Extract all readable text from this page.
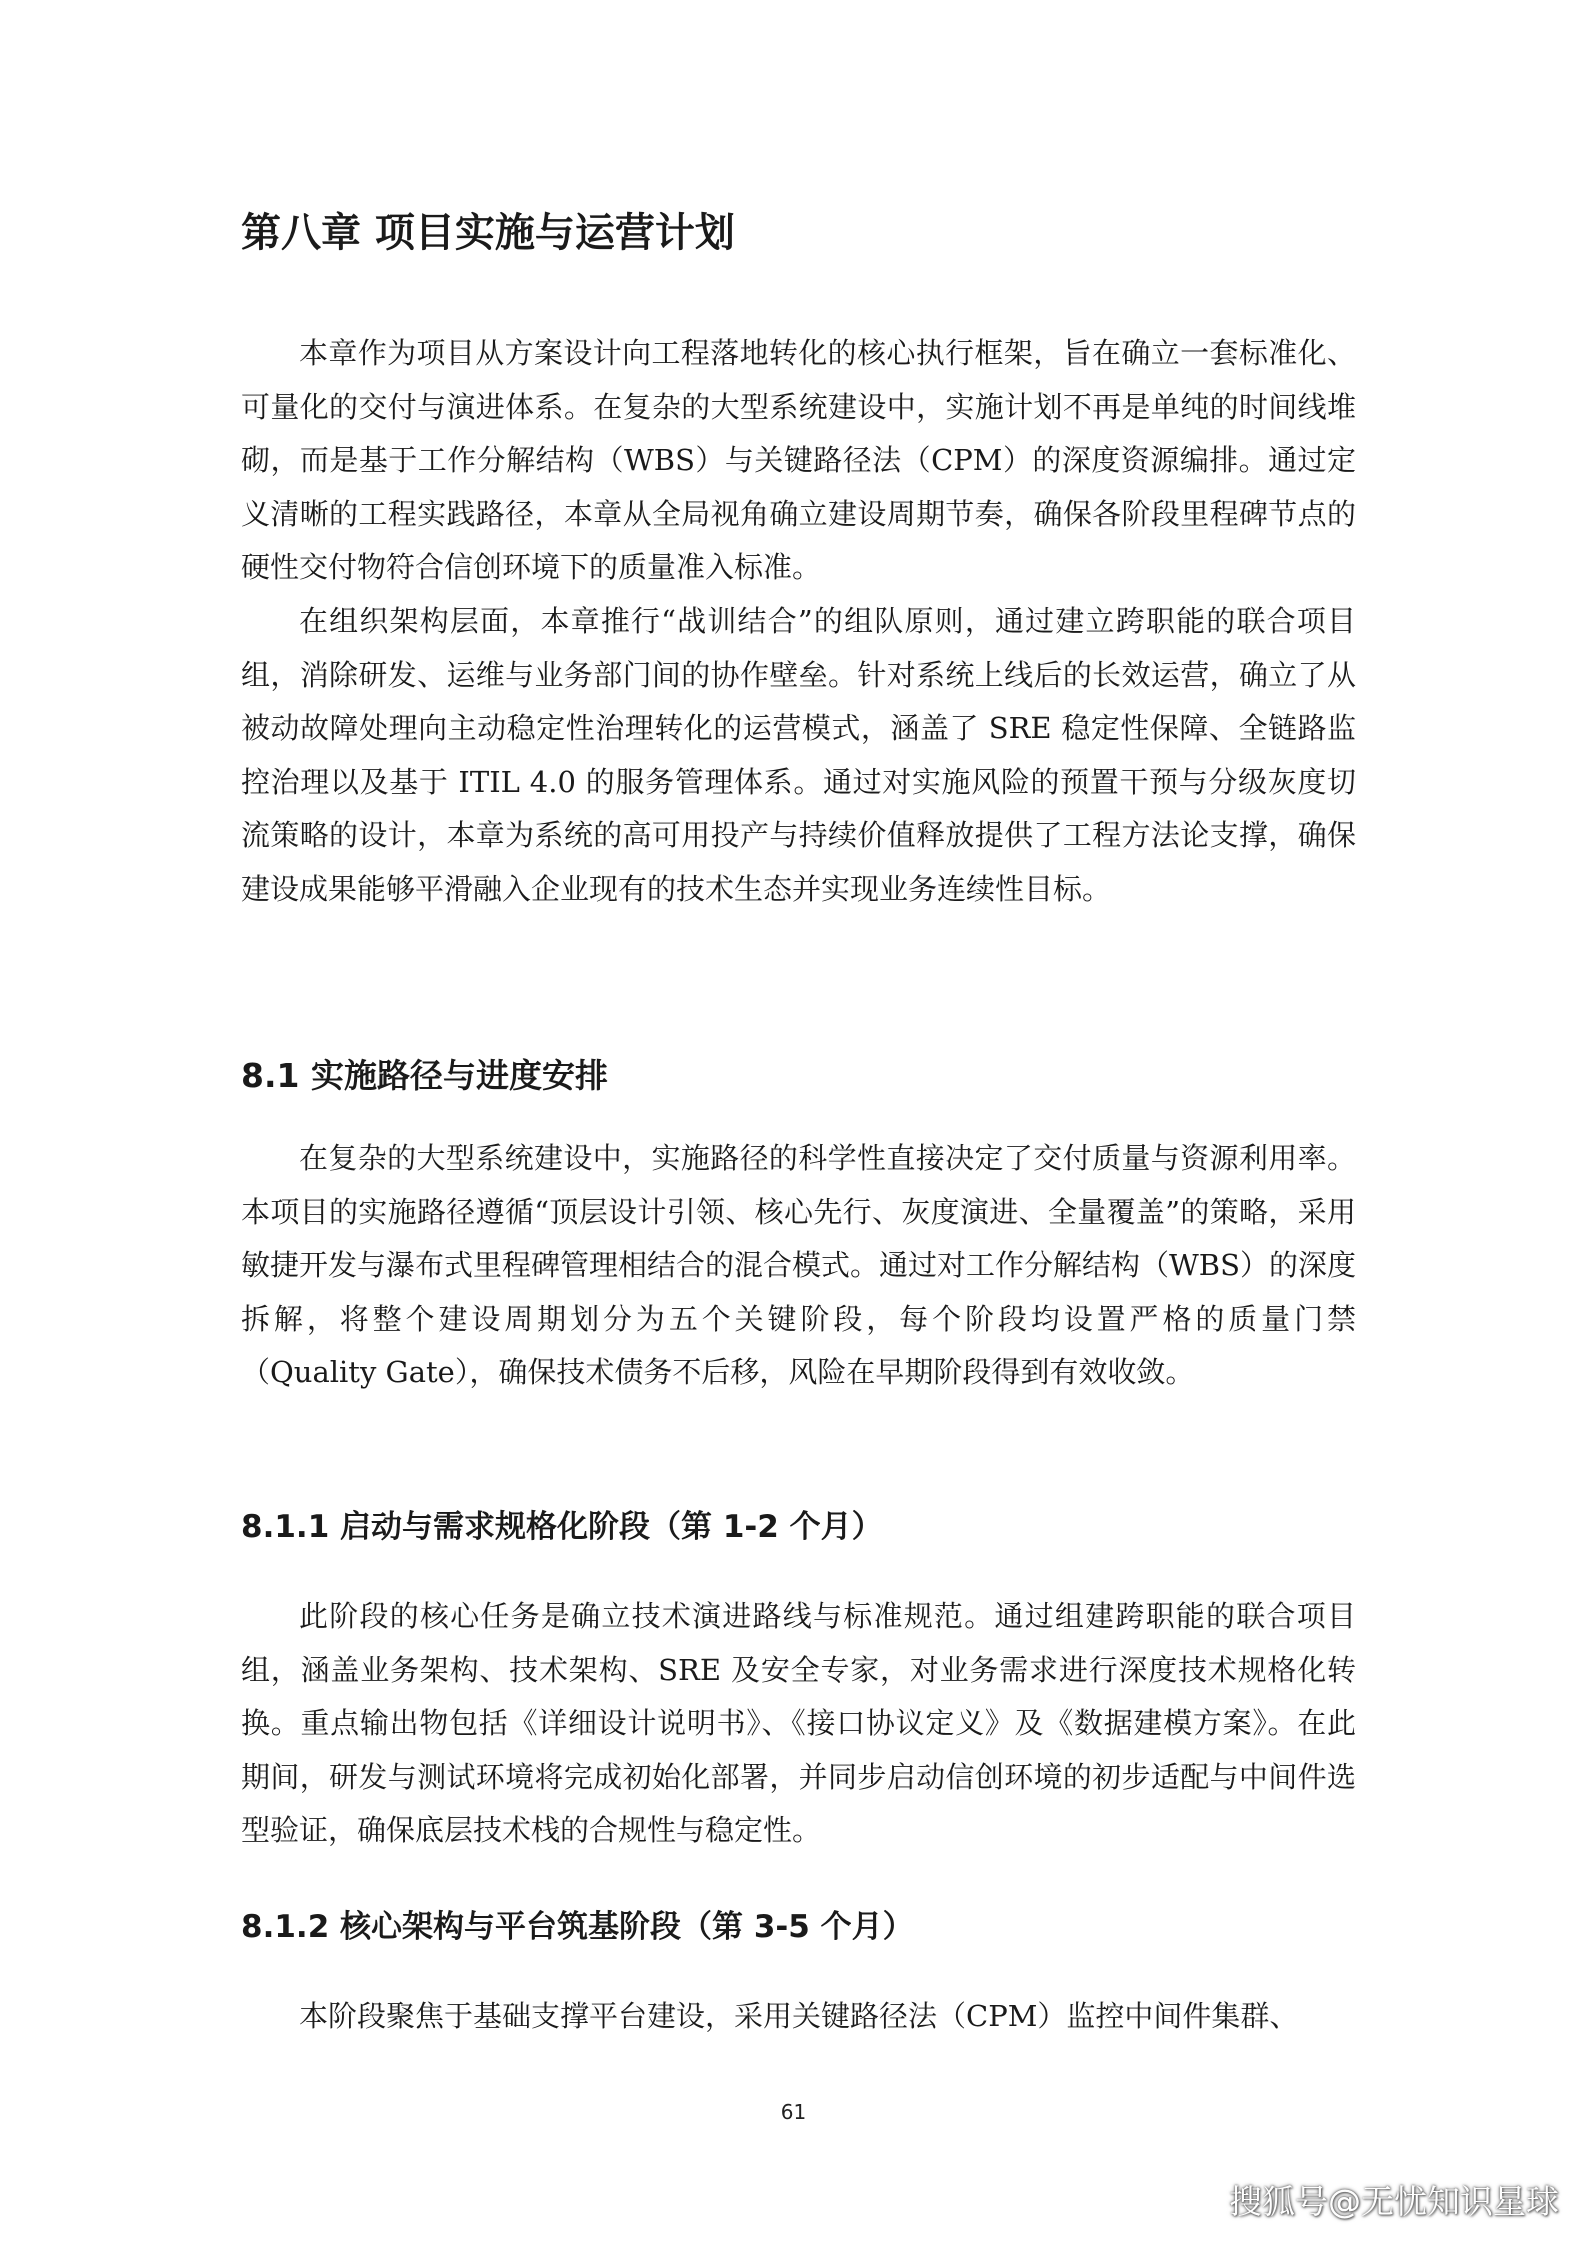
第八章 项目实施与运营计划

本章作为项目从方案设计向工程落地转化的核心执行框架，旨在确立一套标准化、可量化的交付与演进体系。在复杂的大型系统建设中，实施计划不再是单纯的时间线堆砌，而是基于工作分解结构（WBS）与关键路径法（CPM）的深度资源编排。通过定义清晰的工程实践路径，本章从全局视角确立建设周期节奏，确保各阶段里程碑节点的硬性交付物符合信创环境下的质量准入标准。

在组织架构层面，本章推行“战训结合”的组队原则，通过建立跨职能的联合项目组，消除研发、运维与业务部门间的协作壁垒。针对系统上线后的长效运营，确立了从被动故障处理向主动稳定性治理转化的运营模式，涵盖了 SRE 稳定性保障、全链路监控治理以及基于 ITIL 4.0 的服务管理体系。通过对实施风险的预置干预与分级灰度切流策略的设计，本章为系统的高可用投产与持续价值释放提供了工程方法论支撑，确保建设成果能够平滑融入企业现有的技术生态并实现业务连续性目标。

8.1 实施路径与进度安排

在复杂的大型系统建设中，实施路径的科学性直接决定了交付质量与资源利用率。本项目的实施路径遵循“顶层设计引领、核心先行、灰度演进、全量覆盖”的策略，采用敏捷开发与瀑布式里程碑管理相结合的混合模式。通过对工作分解结构（WBS）的深度拆解，将整个建设周期划分为五个关键阶段，每个阶段均设置严格的质量门禁（Quality Gate），确保技术债务不后移，风险在早期阶段得到有效收敛。

8.1.1 启动与需求规格化阶段（第 1-2 个月）

此阶段的核心任务是确立技术演进路线与标准规范。通过组建跨职能的联合项目组，涵盖业务架构、技术架构、SRE 及安全专家，对业务需求进行深度技术规格化转换。重点输出物包括《详细设计说明书》、《接口协议定义》及《数据建模方案》。在此期间，研发与测试环境将完成初始化部署，并同步启动信创环境的初步适配与中间件选型验证，确保底层技术栈的合规性与稳定性。

8.1.2 核心架构与平台筑基阶段（第 3-5 个月）

本阶段聚焦于基础支撑平台建设，采用关键路径法（CPM）监控中间件集群、

61
搜狐号@无忧知识星球
